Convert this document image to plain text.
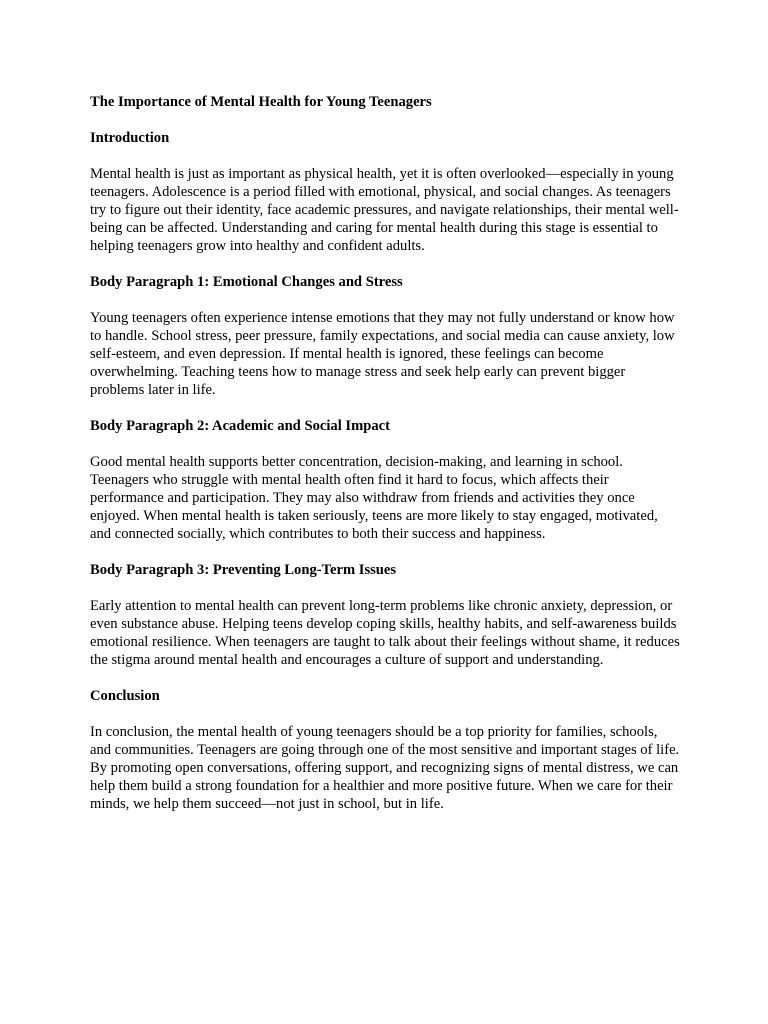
The Importance of Mental Health for Young Teenagers

Introduction

Mental health is just as important as physical health, yet it is often overlooked—especially in young teenagers. Adolescence is a period filled with emotional, physical, and social changes. As teenagers try to figure out their identity, face academic pressures, and navigate relationships, their mental well-being can be affected. Understanding and caring for mental health during this stage is essential to helping teenagers grow into healthy and confident adults.

Body Paragraph 1: Emotional Changes and Stress

Young teenagers often experience intense emotions that they may not fully understand or know how to handle. School stress, peer pressure, family expectations, and social media can cause anxiety, low self-esteem, and even depression. If mental health is ignored, these feelings can become overwhelming. Teaching teens how to manage stress and seek help early can prevent bigger problems later in life.

Body Paragraph 2: Academic and Social Impact

Good mental health supports better concentration, decision-making, and learning in school. Teenagers who struggle with mental health often find it hard to focus, which affects their performance and participation. They may also withdraw from friends and activities they once enjoyed. When mental health is taken seriously, teens are more likely to stay engaged, motivated, and connected socially, which contributes to both their success and happiness.

Body Paragraph 3: Preventing Long-Term Issues

Early attention to mental health can prevent long-term problems like chronic anxiety, depression, or even substance abuse. Helping teens develop coping skills, healthy habits, and self-awareness builds emotional resilience. When teenagers are taught to talk about their feelings without shame, it reduces the stigma around mental health and encourages a culture of support and understanding.

Conclusion

In conclusion, the mental health of young teenagers should be a top priority for families, schools, and communities. Teenagers are going through one of the most sensitive and important stages of life. By promoting open conversations, offering support, and recognizing signs of mental distress, we can help them build a strong foundation for a healthier and more positive future. When we care for their minds, we help them succeed—not just in school, but in life.
